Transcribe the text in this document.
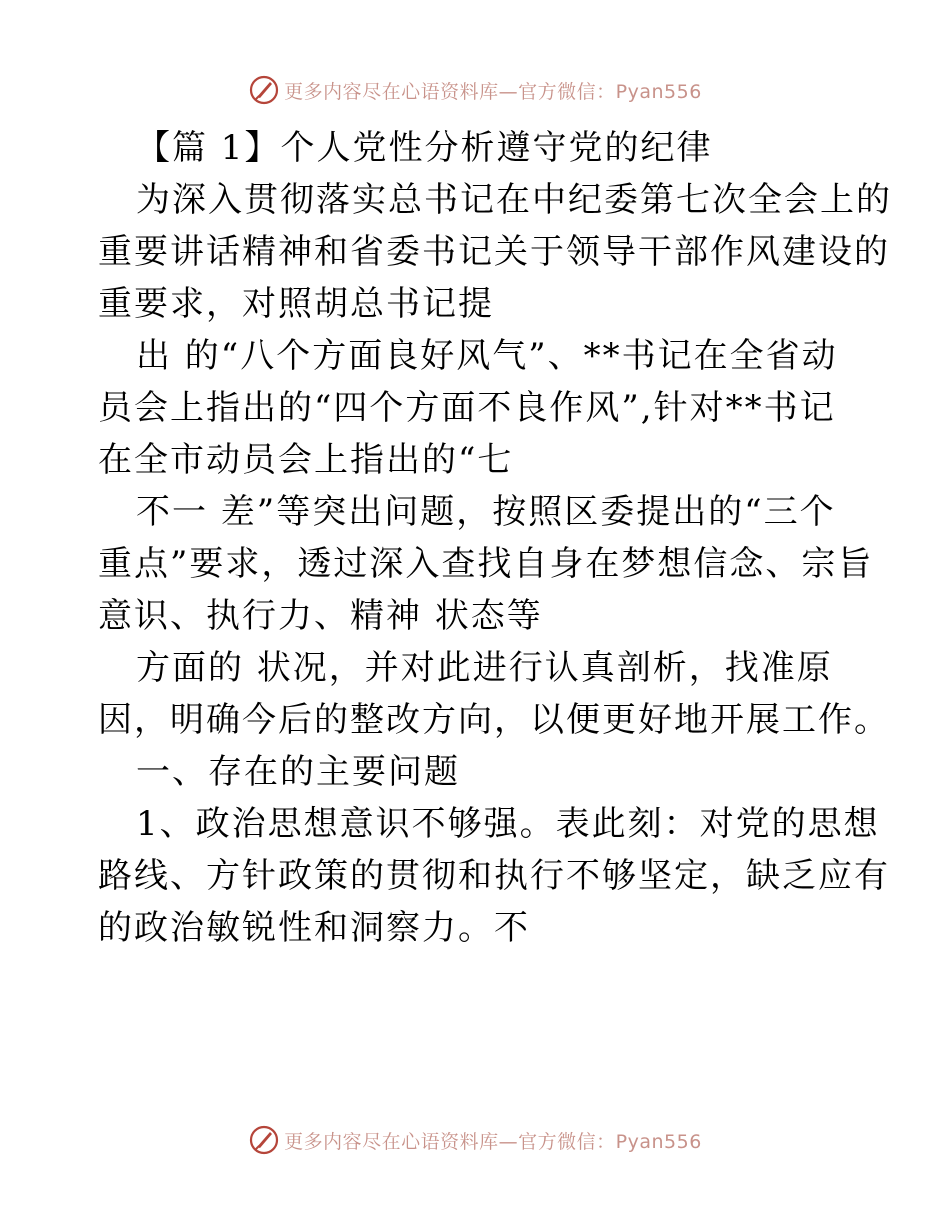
更多内容尽在心语资料库—官方微信：Pyan556
【篇 1】个人党性分析遵守党的纪律
为深入贯彻落实总书记在中纪委第七次全会上的
重要讲话精神和省委书记关于领导干部作风建设的
重要求，对照胡总书记提
出 的“八个方面良好风气”、**书记在全省动
员会上指出的“四个方面不良作风”,针对**书记
在全市动员会上指出的“七
不一 差”等突出问题，按照区委提出的“三个
重点”要求，透过深入查找自身在梦想信念、宗旨
意识、执行力、精神 状态等
方面的 状况，并对此进行认真剖析，找准原
因，明确今后的整改方向，以便更好地开展工作。
一、存在的主要问题
1、政治思想意识不够强。表此刻：对党的思想
路线、方针政策的贯彻和执行不够坚定，缺乏应有
的政治敏锐性和洞察力。不
更多内容尽在心语资料库—官方微信：Pyan556
